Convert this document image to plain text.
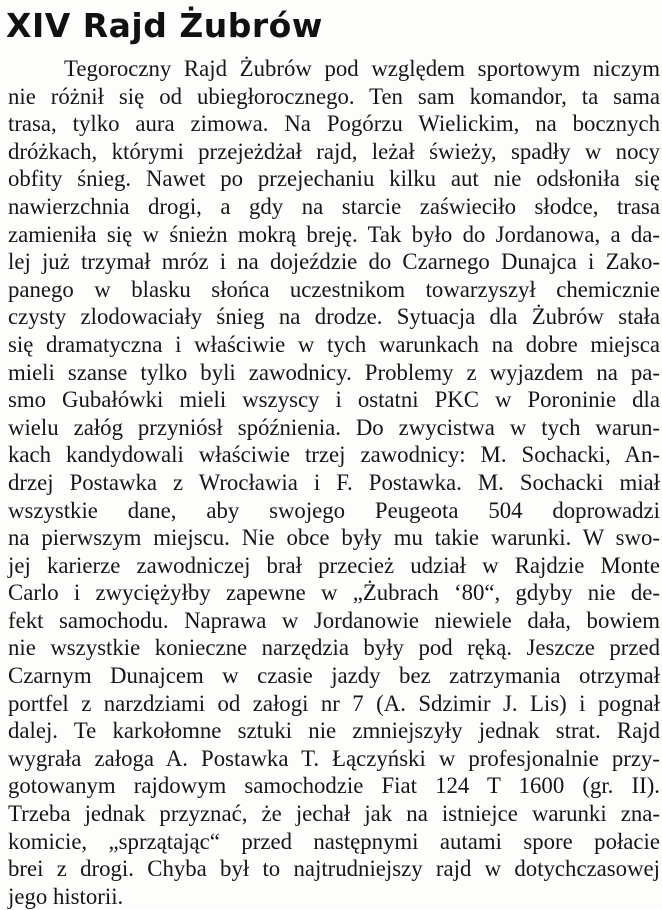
XIV Rajd Żubrów
Tegoroczny Rajd Żubrów pod względem sportowym niczym
nie różnił się od ubiegłorocznego. Ten sam komandor, ta sama
trasa, tylko aura zimowa. Na Pogórzu Wielickim, na bocznych
dróżkach, którymi przejeżdżał rajd, leżał świeży, spadły w nocy
obfity śnieg. Nawet po przejechaniu kilku aut nie odsłoniła się
nawierzchnia drogi, a gdy na starcie zaświeciło słodce, trasa
zamieniła się w śnieżn mokrą breję. Tak było do Jordanowa, a da-
lej już trzymał mróz i na dojeździe do Czarnego Dunajca i Zako-
panego w blasku słońca uczestnikom towarzyszył chemicznie
czysty zlodowaciały śnieg na drodze. Sytuacja dla Żubrów stała
się dramatyczna i właściwie w tych warunkach na dobre miejsca
mieli szanse tylko byli zawodnicy. Problemy z wyjazdem na pa-
smo Gubałówki mieli wszyscy i ostatni PKC w Poroninie dla
wielu załóg przyniósł spóźnienia. Do zwycistwa w tych warun-
kach kandydowali właściwie trzej zawodnicy: M. Sochacki, An-
drzej Postawka z Wrocławia i F. Postawka. M. Sochacki miał
wszystkie dane, aby swojego Peugeota 504 doprowadzi
na pierwszym miejscu. Nie obce były mu takie warunki. W swo-
jej karierze zawodniczej brał przecież udział w Rajdzie Monte
Carlo i zwyciężyłby zapewne w „Żubrach ‘80“, gdyby nie de-
fekt samochodu. Naprawa w Jordanowie niewiele dała, bowiem
nie wszystkie konieczne narzędzia były pod ręką. Jeszcze przed
Czarnym Dunajcem w czasie jazdy bez zatrzymania otrzymał
portfel z narzdziami od załogi nr 7 (A. Sdzimir J. Lis) i pognał
dalej. Te karkołomne sztuki nie zmniejszyły jednak strat. Rajd
wygrała załoga A. Postawka T. Łączyński w profesjonalnie przy-
gotowanym rajdowym samochodzie Fiat 124 T 1600 (gr. II).
Trzeba jednak przyznać, że jechał jak na istniejce warunki zna-
komicie, „sprzątając“ przed następnymi autami spore połacie
brei z drogi. Chyba był to najtrudniejszy rajd w dotychczasowej
jego historii.
